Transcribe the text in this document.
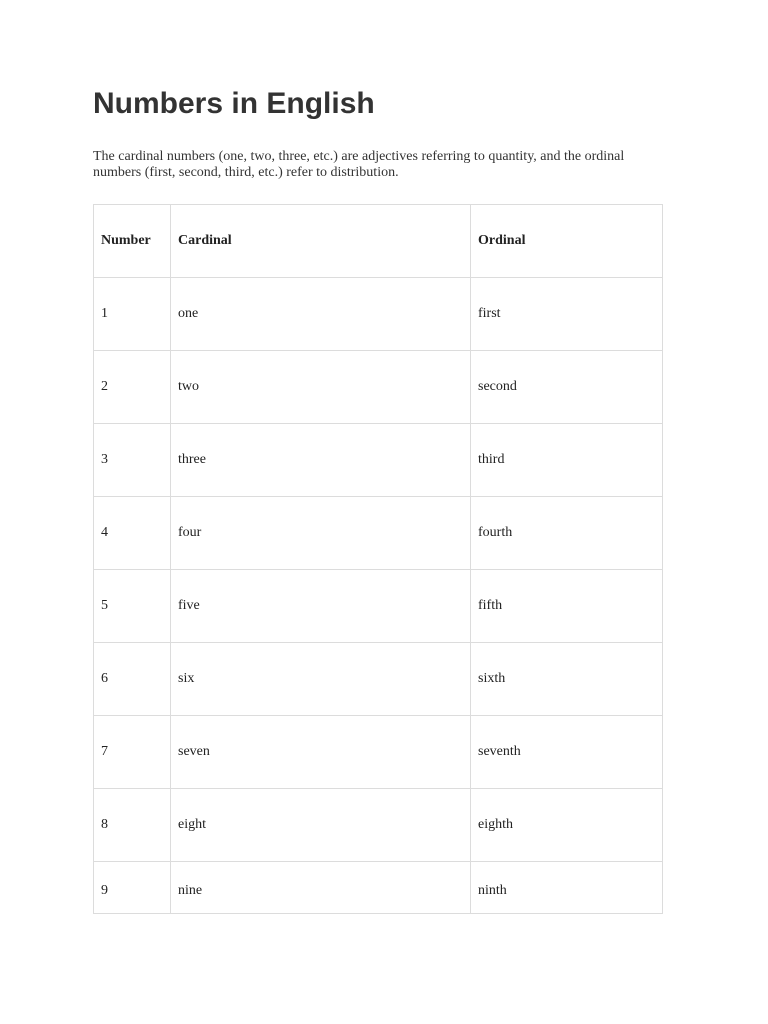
Numbers in English

The cardinal numbers (one, two, three, etc.) are adjectives referring to quantity, and the ordinal numbers (first, second, third, etc.) refer to distribution.

Number	Cardinal	Ordinal
1	one	first
2	two	second
3	three	third
4	four	fourth
5	five	fifth
6	six	sixth
7	seven	seventh
8	eight	eighth
9	nine	ninth
